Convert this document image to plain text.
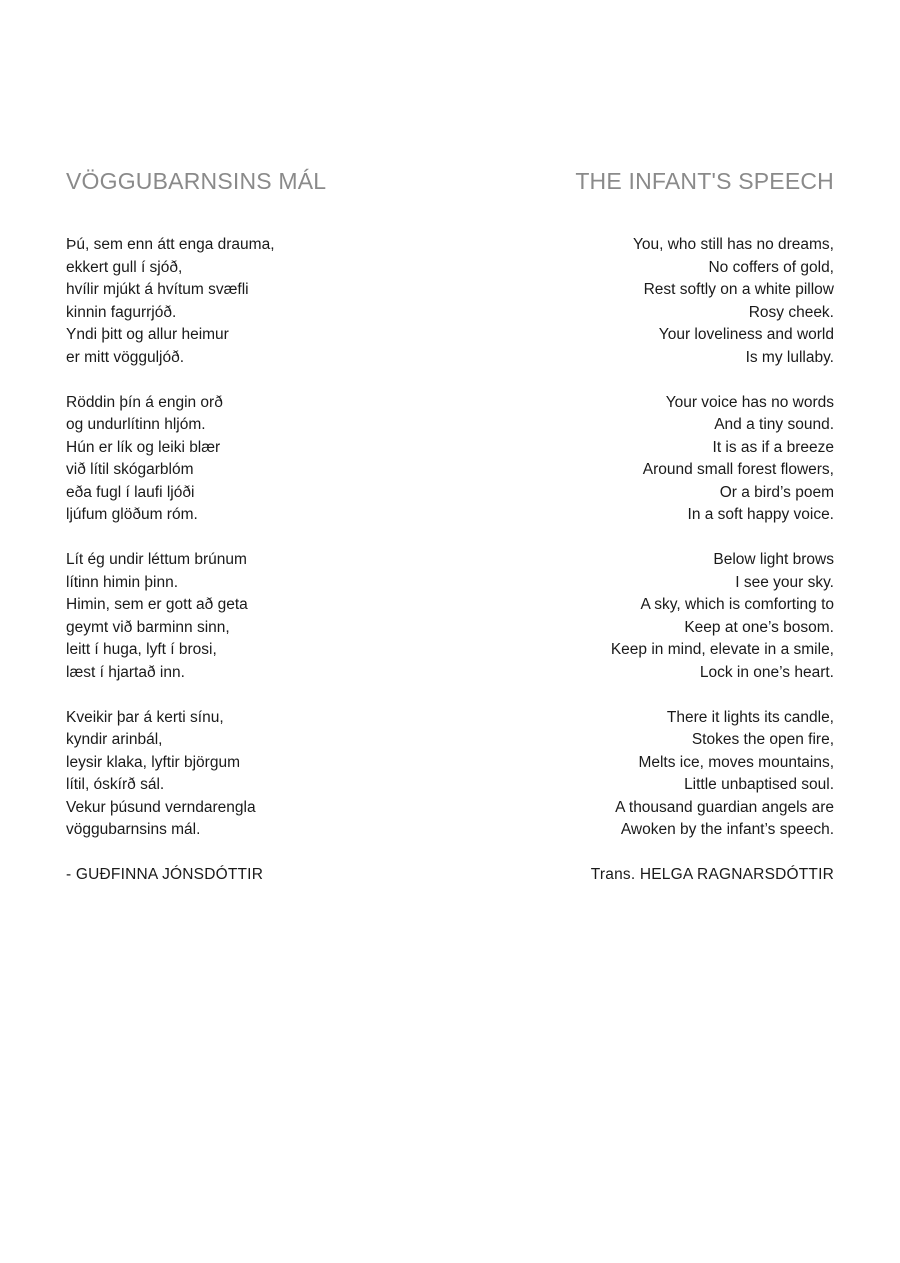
VÖGGUBARNSINS MÁL
Þú, sem enn átt enga drauma,
ekkert gull í sjóð,
hvílir mjúkt á hvítum svæfli
kinnin fagurrjóð.
Yndi þitt og allur heimur
er mitt vögguljóð.
Röddin þín á engin orð
og undurlítinn hljóm.
Hún er lík og leiki blær
við lítil skógarblóm
eða fugl í laufi ljóði
ljúfum glöðum róm.
Lít ég undir léttum brúnum
lítinn himin þinn.
Himin, sem er gott að geta
geymt við barminn sinn,
leitt í huga, lyft í brosi,
læst í hjartað inn.
Kveikir þar á kerti sínu,
kyndir arinbál,
leysir klaka, lyftir björgum
lítil, óskírð sál.
Vekur þúsund verndarengla
vöggubarnsins mál.
- GUÐFINNA JÓNSDÓTTIR
THE INFANT'S SPEECH
You, who still has no dreams,
No coffers of gold,
Rest softly on a white pillow
Rosy cheek.
Your loveliness and world
Is my lullaby.
Your voice has no words
And a tiny sound.
It is as if a breeze
Around small forest flowers,
Or a bird’s poem
In a soft happy voice.
Below light brows
I see your sky.
A sky, which is comforting to
Keep at one’s bosom.
Keep in mind, elevate in a smile,
Lock in one’s heart.
There it lights its candle,
Stokes the open fire,
Melts ice, moves mountains,
Little unbaptised soul.
A thousand guardian angels are
Awoken by the infant’s speech.
Trans. HELGA RAGNARSDÓTTIR
